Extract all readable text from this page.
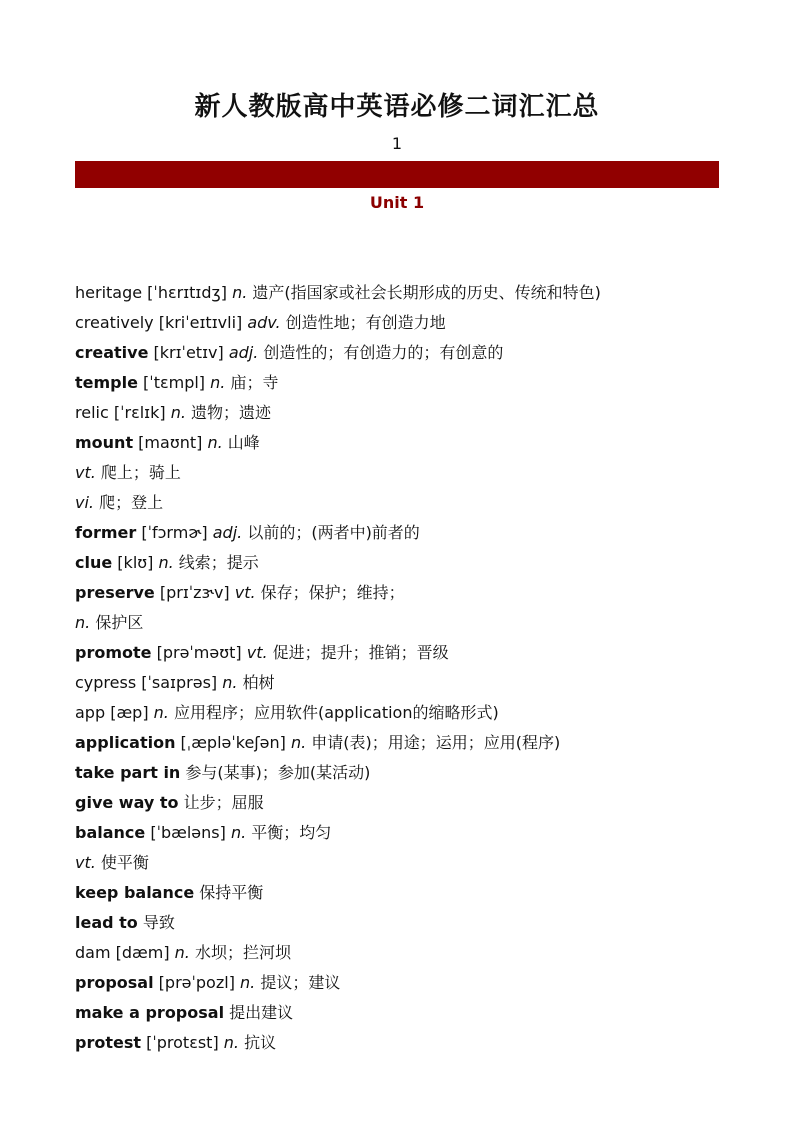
新人教版高中英语必修二词汇汇总
1
Unit 1
heritage [ˈhɛrɪtɪdʒ] n. 遗产(指国家或社会长期形成的历史、传统和特色)
creatively [kriˈeɪtɪvli] adv. 创造性地；有创造力地
creative [krɪˈetɪv] adj. 创造性的；有创造力的；有创意的
temple [ˈtɛmpl] n. 庙；寺
relic [ˈrɛlɪk] n. 遗物；遗迹
mount [maʊnt] n. 山峰
vt. 爬上；骑上
vi. 爬；登上
former [ˈfɔrmɚ] adj. 以前的；(两者中)前者的
clue [klʊ] n. 线索；提示
preserve [prɪˈzɝv] vt. 保存；保护；维持；
n. 保护区
promote [prəˈməʊt] vt. 促进；提升；推销；晋级
cypress [ˈsaɪprəs] n. 柏树
app [æp] n. 应用程序；应用软件(application的缩略形式)
application [ˌæpləˈkeʃən] n. 申请(表)；用途；运用；应用(程序)
take part in 参与(某事)；参加(某活动)
give way to 让步；屈服
balance [ˈbæləns] n. 平衡；均匀
vt. 使平衡
keep balance 保持平衡
lead to 导致
dam [dæm] n. 水坝；拦河坝
proposal [prəˈpozl] n. 提议；建议
make a proposal 提出建议
protest [ˈprotɛst] n. 抗议
